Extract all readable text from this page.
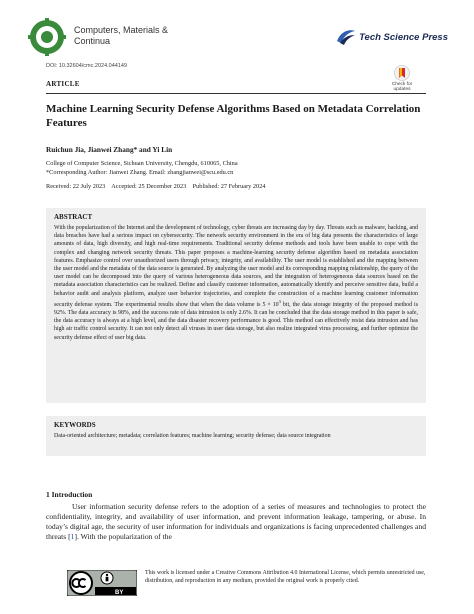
Computers, Materials &
Continua	Tech Science Press
DOI: 10.32604/cmc.2024.044149
ARTICLE	Check for
updates
Machine Learning Security Defense Algorithms Based on Metadata Correlation Features
Ruichun Jia, Jianwei Zhang* and Yi Lin
College of Computer Science, Sichuan University, Chengdu, 610065, China
*Corresponding Author: Jianwei Zhang. Email: zhangjianwei@scu.edu.cn
Received: 22 July 2023 Accepted: 25 December 2023 Published: 27 February 2024
ABSTRACT

With the popularization of the Internet and the development of technology, cyber threats are increasing day by day. Threats such as malware, hacking, and data breaches have had a serious impact on cybersecurity. The network security environment in the era of big data presents the characteristics of large amounts of data, high diversity, and high real-time requirements. Traditional security defense methods and tools have been unable to cope with the complex and changing network security threats. This paper proposes a machine-learning security defense algorithm based on metadata association features. Emphasize control over unauthorized users through privacy, integrity, and availability. The user model is established and the mapping between the user model and the metadata of the data source is generated. By analyzing the user model and its corresponding mapping relationship, the query of the user model can be decomposed into the query of various heterogeneous data sources, and the integration of heterogeneous data sources based on the metadata association characteristics can be realized. Define and classify customer information, automatically identify and perceive sensitive data, build a behavior audit and analysis platform, analyze user behavior trajectories, and complete the construction of a machine learning customer information security defense system. The experimental results show that when the data volume is $5 \times 10^3$ bit, the data storage integrity of the proposed method is 92%. The data accuracy is 98%, and the success rate of data intrusion is only 2.6%. It can be concluded that the data storage method in this paper is safe, the data accuracy is always at a high level, and the data disaster recovery performance is good. This method can effectively resist data intrusion and has high air traffic control security. It can not only detect all viruses in user data storage, but also realize integrated virus processing, and further optimize the security defense effect of user big data.

KEYWORDS

Data-oriented architecture; metadata; correlation features; machine learning; security defense; data source integration

1 Introduction

User information security defense refers to the adoption of a series of measures and technologies to protect the confidentiality, integrity, and availability of user information, and prevent information leakage, tampering, or abuse. In today’s digital age, the security of user information for individuals and organizations is facing unprecedented challenges and threats [1]. With the popularization of the

BY

This work is licensed under a Creative Commons Attribution 4.0 International License, which permits unrestricted use, distribution, and reproduction in any medium, provided the original work is properly cited.
